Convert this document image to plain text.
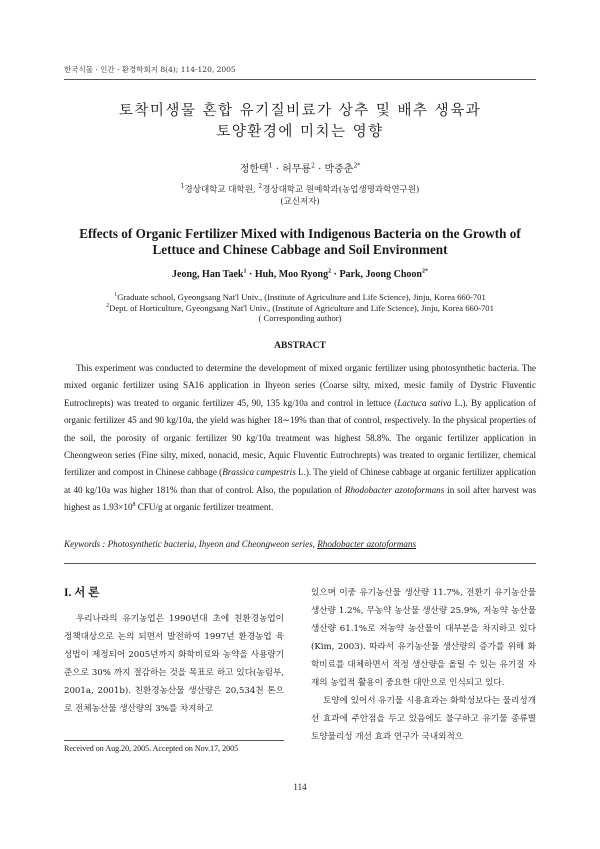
한국식물 · 인간 · 환경학회지 8(4); 114-120, 2005
토착미생물 혼합 유기질비료가 상추 및 배추 생육과
토양환경에 미치는 영향
정한택$^1$ · 허무룡$^2$ · 박중춘$^{2*}$
$^1$경상대학교 대학원, $^2$경상대학교 원예학과(농업생명과학연구원)
(교신저자)
Effects of Organic Fertilizer Mixed with Indigenous Bacteria on the Growth of Lettuce and Chinese Cabbage and Soil Environment
Jeong, Han Taek$^1$ · Huh, Moo Ryong$^2$ · Park, Joong Choon$^{2*}$
$^1$Graduate school, Gyeongsang Nat'l Univ., (Institute of Agriculture and Life Science), Jinju, Korea 660-701
$^2$Dept. of Horticulture, Gyeongsang Nat'l Univ., (Institute of Agriculture and Life Science), Jinju, Korea 660-701
( Corresponding author)
ABSTRACT

This experiment was conducted to determine the development of mixed organic fertilizer using photosynthetic bacteria. The mixed organic fertilizer using SA16 application in Ihyeon series (Coarse silty, mixed, mesic family of Dystric Fluventic Eutrochrepts) was treated to organic fertilizer 45, 90, 135 kg/10a and control in lettuce (Lactuca sativa L.). By application of organic fertilizer 45 and 90 kg/10a, the yield was higher 18∼19% than that of control, respectively. In the physical properties of the soil, the porosity of organic fertilizer 90 kg/10a treatment was highest 58.8%. The organic fertilizer application in Cheongweon series (Fine silty, mixed, nonacid, mesic, Aquic Fluventic Eutrochrepts) was treated to organic fertilizer, chemical fertilizer and compost in Chinese cabbage (Brassica campestris L.). The yield of Chinese cabbage at organic fertilizer application at 40 kg/10a was higher 181% than that of control. Also, the population of Rhodobacter azotoformans in soil after harvest was highest as $1.93\times 10^8$ CFU/g at organic fertilizer treatment.

Keywords : Photosynthetic bacteria, Ihyeon and Cheongweon series, Rhodobacter azotoformans
I. 서 론

우리나라의 유기농업은 1990년대 초에 친환경농업이 정책대상으로 논의 되면서 발전하여 1997년 환경농업 육성법이 제정되어 2005년까지 화학비료와 농약을 사용량기준으로 30% 까지 절감하는 것을 목표로 하고 있다(농림부, 2001a, 2001b). 친환경농산물 생산량은 20,534천 톤으로 전체농산물 생산량의 3%를 차지하고

있으며 이중 유기농산물 생산량 11.7%, 전환기 유기농산물 생산량 1.2%, 무농약 농산물 생산량 25.9%, 저농약 농산물 생산량 61.1%로 저농약 농산물이 대부분을 차지하고 있다(Kim, 2003). 따라서 유기농산물 생산량의 증가를 위해 화학비료를 대체하면서 적정 생산량을 올릴 수 있는 유기질 자재의 농업적 활용이 중요한 대안으로 인식되고 있다.

토양에 있어서 유기물 시용효과는 화학성보다는 물리성개선 효과에 주안점을 두고 있음에도 불구하고 유기물 종류별 토양물리성 개선 효과 연구가 국내외적으

Received on Aug.20, 2005. Accepted on Nov.17, 2005
114
